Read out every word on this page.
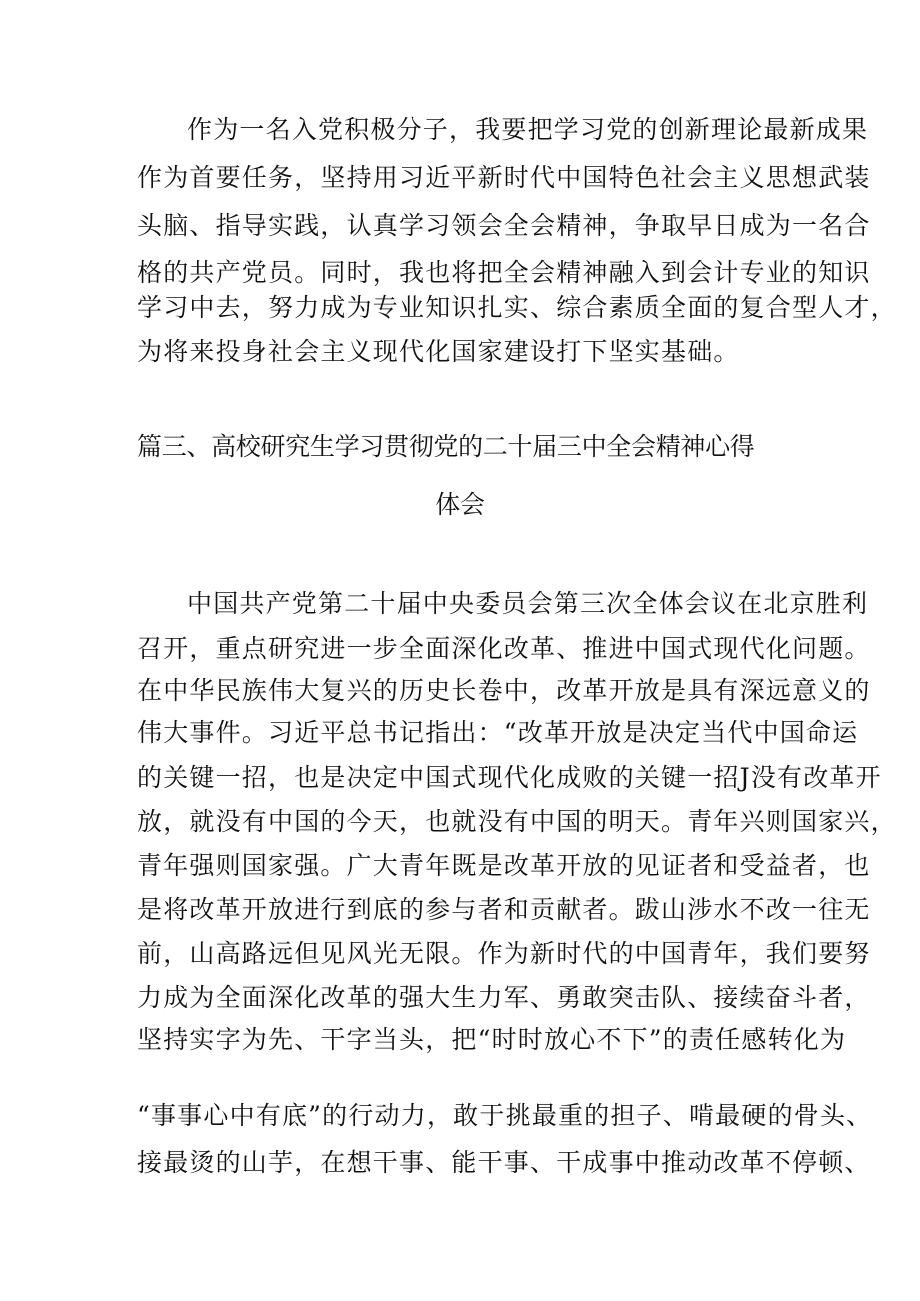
作为一名入党积极分子，我要把学习党的创新理论最新成果
作为首要任务，坚持用习近平新时代中国特色社会主义思想武装
头脑、指导实践，认真学习领会全会精神，争取早日成为一名合
格的共产党员。同时，我也将把全会精神融入到会计专业的知识
学习中去，努力成为专业知识扎实、综合素质全面的复合型人才，
为将来投身社会主义现代化国家建设打下坚实基础。
篇三、高校研究生学习贯彻党的二十届三中全会精神心得
体会
中国共产党第二十届中央委员会第三次全体会议在北京胜利
召开，重点研究进一步全面深化改革、推进中国式现代化问题。
在中华民族伟大复兴的历史长卷中，改革开放是具有深远意义的
伟大事件。习近平总书记指出：“改革开放是决定当代中国命运
的关键一招，也是决定中国式现代化成败的关键一招J没有改革开
放，就没有中国的今天，也就没有中国的明天。青年兴则国家兴，
青年强则国家强。广大青年既是改革开放的见证者和受益者，也
是将改革开放进行到底的参与者和贡献者。跋山涉水不改一往无
前，山高路远但见风光无限。作为新时代的中国青年，我们要努
力成为全面深化改革的强大生力军、勇敢突击队、接续奋斗者，
坚持实字为先、干字当头，把“时时放心不下”的责任感转化为
“事事心中有底”的行动力，敢于挑最重的担子、啃最硬的骨头、
接最烫的山芋，在想干事、能干事、干成事中推动改革不停顿、
